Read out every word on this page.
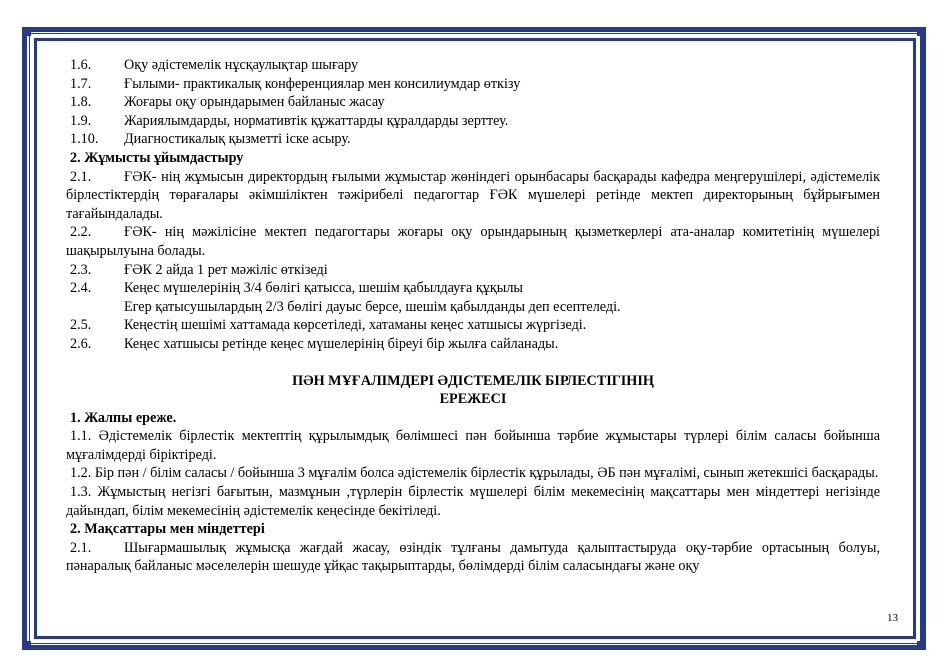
1.6. Оқу әдістемелік нұсқаулықтар шығару
1.7. Ғылыми- практикалық конференциялар мен консилиумдар өткізу
1.8. Жоғары оқу орындарымен байланыс жасау
1.9. Жариялымдарды, нормативтік құжаттарды құралдарды зерттеу.
1.10. Диагностикалық қызметті іске асыру.
2. Жұмысты ұйымдастыру
2.1. ҒӘК- нің жұмысын директордың ғылыми жұмыстар жөніндегі орынбасары басқарады кафедра меңгерушілері, әдістемелік бірлестіктердің төрағалары әкімшіліктен тәжірибелі педагогтар ҒӘК мүшелері ретінде мектеп директорының бұйрығымен тағайындалады.
2.2. ҒӘК- нің мәжілісіне мектеп педагогтары жоғары оқу орындарының қызметкерлері ата-аналар комитетінің мүшелері шақырылуына болады.
2.3. ҒӘК 2 айда 1 рет мәжіліс өткізеді
2.4. Кеңес мүшелерінің 3/4 бөлігі қатысса, шешім қабылдауға құқылы
Егер қатысушылардың 2/3 бөлігі дауыс берсе, шешім қабылданды деп есептеледі.
2.5. Кеңестің шешімі хаттамада көрсетіледі, хатаманы кеңес хатшысы жүргізеді.
2.6. Кеңес хатшысы ретінде кеңес мүшелерінің біреуі бір жылға сайланады.
ПӘН МҰҒАЛІМДЕРІ ӘДІСТЕМЕЛІК БІРЛЕСТІГІНІҢ
ЕРЕЖЕСІ
1. Жалпы ереже.
1.1. Әдістемелік бірлестік мектептің құрылымдық бөлімшесі пән бойынша тәрбие жұмыстары түрлері білім саласы бойынша мұғалімдерді біріктіреді.
1.2. Бір пән / білім саласы / бойынша 3 мұғалім болса әдістемелік бірлестік құрылады, ӘБ пән мұғалімі, сынып жетекшісі басқарады.
1.3. Жұмыстың негізгі бағытын, мазмұнын ,түрлерін бірлестік мүшелері білім мекемесінің мақсаттары мен міндеттері негізінде дайындап, білім мекемесінің әдістемелік кеңесінде бекітіледі.
2. Мақсаттары мен міндеттері
2.1. Шығармашылық жұмысқа жағдай жасау, өзіндік тұлғаны дамытуда қалыптастыруда оқу-тәрбие ортасының болуы, пәнаралық байланыс мәселелерін шешуде ұйқас тақырыптарды, бөлімдерді білім саласындағы және оқу
13
